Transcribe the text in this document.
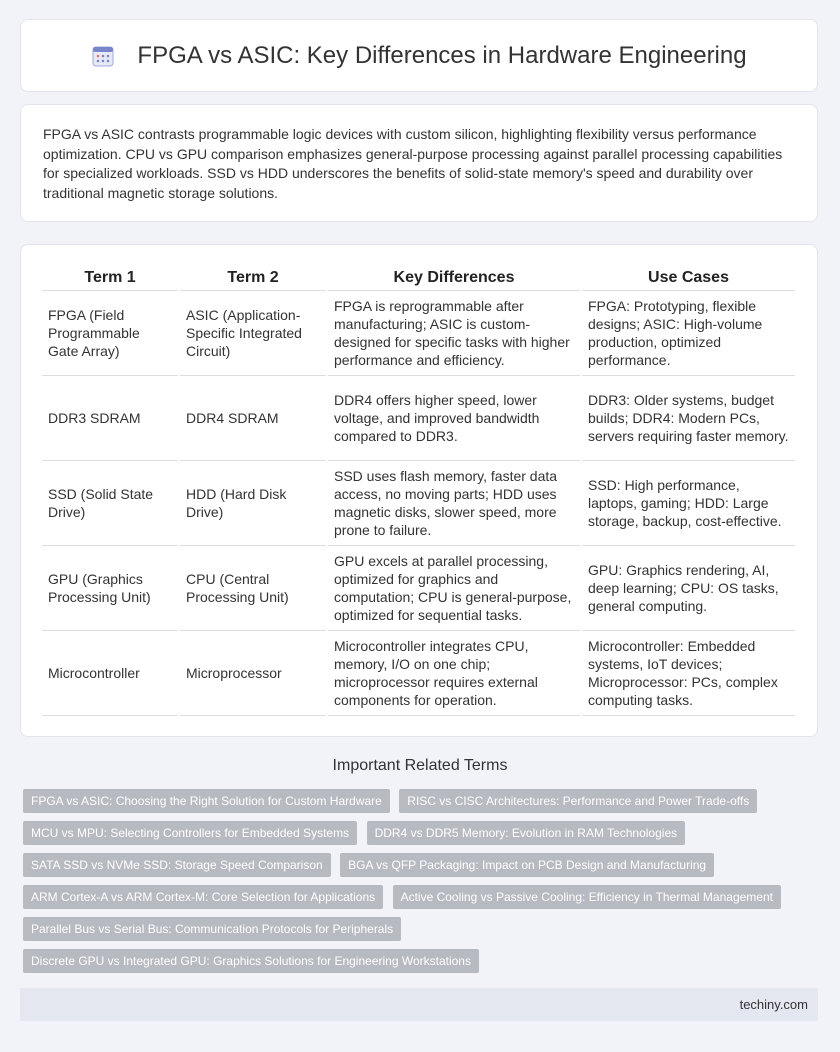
FPGA vs ASIC: Key Differences in Hardware Engineering

FPGA vs ASIC contrasts programmable logic devices with custom silicon, highlighting flexibility versus performance optimization. CPU vs GPU comparison emphasizes general-purpose processing against parallel processing capabilities for specialized workloads. SSD vs HDD underscores the benefits of solid-state memory's speed and durability over traditional magnetic storage solutions.

Term 1	Term 2	Key Differences	Use Cases
FPGA (Field Programmable Gate Array)	ASIC (Application-Specific Integrated Circuit)	FPGA is reprogrammable after manufacturing; ASIC is custom-designed for specific tasks with higher performance and efficiency.	FPGA: Prototyping, flexible designs; ASIC: High-volume production, optimized performance.
DDR3 SDRAM	DDR4 SDRAM	DDR4 offers higher speed, lower voltage, and improved bandwidth compared to DDR3.	DDR3: Older systems, budget builds; DDR4: Modern PCs, servers requiring faster memory.
SSD (Solid State Drive)	HDD (Hard Disk Drive)	SSD uses flash memory, faster data access, no moving parts; HDD uses magnetic disks, slower speed, more prone to failure.	SSD: High performance, laptops, gaming; HDD: Large storage, backup, cost-effective.
GPU (Graphics Processing Unit)	CPU (Central Processing Unit)	GPU excels at parallel processing, optimized for graphics and computation; CPU is general-purpose, optimized for sequential tasks.	GPU: Graphics rendering, AI, deep learning; CPU: OS tasks, general computing.
Microcontroller	Microprocessor	Microcontroller integrates CPU, memory, I/O on one chip; microprocessor requires external components for operation.	Microcontroller: Embedded systems, IoT devices; Microprocessor: PCs, complex computing tasks.
Important Related Terms
FPGA vs ASIC: Choosing the Right Solution for Custom Hardware RISC vs CISC Architectures: Performance and Power Trade-offs MCU vs MPU: Selecting Controllers for Embedded Systems DDR4 vs DDR5 Memory: Evolution in RAM Technologies SATA SSD vs NVMe SSD: Storage Speed Comparison BGA vs QFP Packaging: Impact on PCB Design and Manufacturing ARM Cortex-A vs ARM Cortex-M: Core Selection for Applications Active Cooling vs Passive Cooling: Efficiency in Thermal Management Parallel Bus vs Serial Bus: Communication Protocols for Peripherals Discrete GPU vs Integrated GPU: Graphics Solutions for Engineering Workstations
techiny.com
